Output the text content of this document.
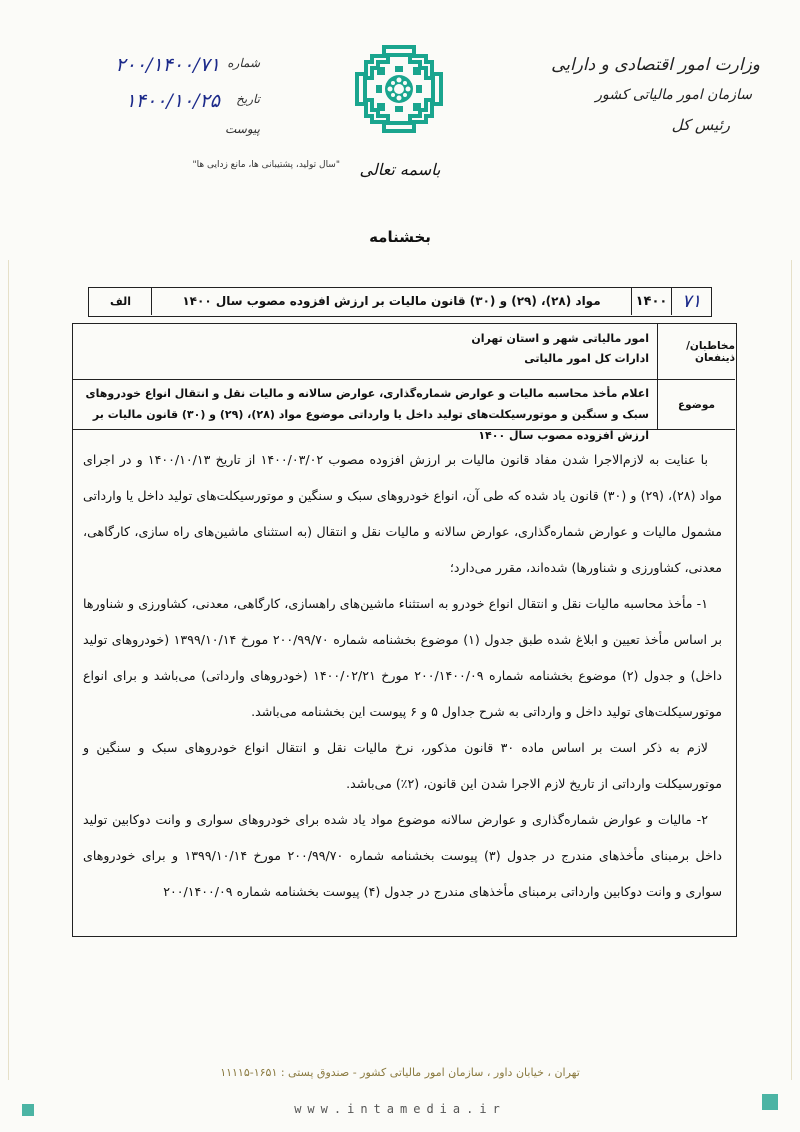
وزارت امور اقتصادی و دارایی
سازمان امور مالیاتی کشور
رئیس کل
باسمه تعالی
شماره
۲۰۰/۱۴۰۰/۷۱
تاریخ
۱۴۰۰/۱۰/۲۵
پیوست
"سال تولید، پشتیبانی ها، مانع زدایی ها"
بخشنامه
۷۱
۱۴۰۰
مواد (۲۸)، (۲۹) و (۳۰) قانون مالیات بر ارزش افزوده مصوب سال ۱۴۰۰
الف
مخاطبان/ذینفعان
امور مالیاتی شهر و استان تهران
ادارات کل امور مالیاتی
موضوع
اعلام مأخذ محاسبه مالیات و عوارض شماره‌گذاری، عوارض سالانه و مالیات نقل و انتقال انواع خودروهای سبک و سنگین و موتورسیکلت‌های تولید داخل یا وارداتی موضوع مواد (۲۸)، (۲۹) و (۳۰) قانون مالیات بر ارزش افزوده مصوب سال ۱۴۰۰

با عنایت به لازم‌الاجرا شدن مفاد قانون مالیات بر ارزش افزوده مصوب ۱۴۰۰/۰۳/۰۲ از تاریخ ۱۴۰۰/۱۰/۱۳ و در اجرای مواد (۲۸)، (۲۹) و (۳۰) قانون یاد شده که طی آن، انواع خودروهای سبک و سنگین و موتورسیکلت‌های تولید داخل یا وارداتی مشمول مالیات و عوارض شماره‌گذاری، عوارض سالانه و مالیات نقل و انتقال (به استثنای ماشین‌های راه سازی، کارگاهی، معدنی، کشاورزی و شناورها) شده‌اند، مقرر می‌دارد؛

۱- مأخذ محاسبه مالیات نقل و انتقال انواع خودرو به استثناء ماشین‌های راهسازی، کارگاهی، معدنی، کشاورزی و شناورها بر اساس مأخذ تعیین و ابلاغ شده طبق جدول (۱) موضوع بخشنامه شماره ۲۰۰/۹۹/۷۰ مورخ ۱۳۹۹/۱۰/۱۴ (خودروهای تولید داخل) و جدول (۲) موضوع بخشنامه شماره ۲۰۰/۱۴۰۰/۰۹ مورخ ۱۴۰۰/۰۲/۲۱ (خودروهای وارداتی) می‌باشد و برای انواع موتورسیکلت‌های تولید داخل و وارداتی به شرح جداول ۵ و ۶ پیوست این بخشنامه می‌باشد.

لازم به ذکر است بر اساس ماده ۳۰ قانون مذکور، نرخ مالیات نقل و انتقال انواع خودروهای سبک و سنگین و موتورسیکلت وارداتی از تاریخ لازم الاجرا شدن این قانون، (۲٪) می‌باشد.

۲- مالیات و عوارض شماره‌گذاری و عوارض سالانه موضوع مواد یاد شده برای خودروهای سواری و وانت دوکابین تولید داخل برمبنای مأخذهای مندرج در جدول (۳) پیوست بخشنامه شماره ۲۰۰/۹۹/۷۰ مورخ ۱۳۹۹/۱۰/۱۴ و برای خودروهای سواری و وانت دوکابین وارداتی برمبنای مأخذهای مندرج در جدول (۴) پیوست بخشنامه شماره ۲۰۰/۱۴۰۰/۰۹

تهران ، خیابان داور ، سازمان امور مالیاتی کشور - صندوق پستی : ۱۶۵۱-۱۱۱۱۵
www.intamedia.ir
